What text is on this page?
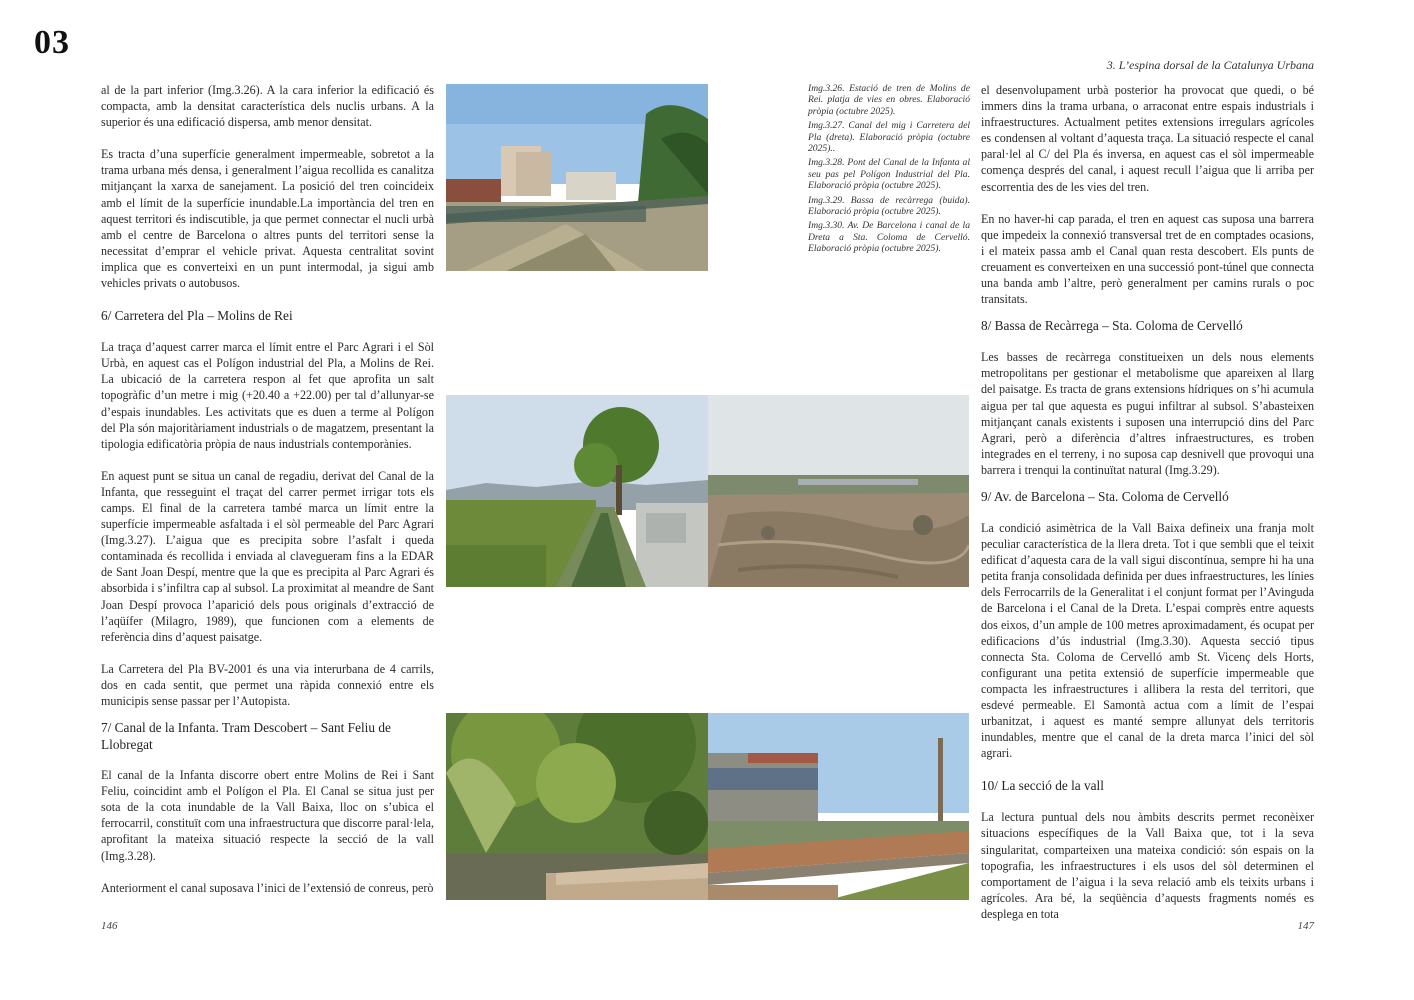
03
3. L’espina dorsal de la Catalunya Urbana

al de la part inferior (Img.3.26). A la cara inferior la edificació és compacta, amb la densitat característica dels nuclis urbans. A la superior és una edificació dispersa, amb menor densitat.

Es tracta d’una superfície generalment impermeable, sobretot a la trama urbana més densa, i generalment l’aigua recollida es canalitza mitjançant la xarxa de sanejament. La posició del tren coincideix amb el límit de la superfície inundable.La importància del tren en aquest territori és indiscutible, ja que permet connectar el nucli urbà amb el centre de Barcelona o altres punts del territori sense la necessitat d’emprar el vehicle privat. Aquesta centralitat sovint implica que es converteixi en un punt intermodal, ja sigui amb vehicles privats o autobusos.

6/ Carretera del Pla – Molins de Rei

La traça d’aquest carrer marca el límit entre el Parc Agrari i el Sòl Urbà, en aquest cas el Polígon industrial del Pla, a Molins de Rei. La ubicació de la carretera respon al fet que aprofita un salt topogràfic d’un metre i mig (+20.40 a +22.00) per tal d’allunyar-se d’espais inundables. Les activitats que es duen a terme al Polígon del Pla són majoritàriament industrials o de magatzem, presentant la tipologia edificatòria pròpia de naus industrials contemporànies.

En aquest punt se situa un canal de regadiu, derivat del Canal de la Infanta, que resseguint el traçat del carrer permet irrigar tots els camps. El final de la carretera també marca un límit entre la superfície impermeable asfaltada i el sòl permeable del Parc Agrari (Img.3.27). L’aigua que es precipita sobre l’asfalt i queda contaminada és recollida i enviada al clavegueram fins a la EDAR de Sant Joan Despí, mentre que la que es precipita al Parc Agrari és absorbida i s’infiltra cap al subsol. La proximitat al meandre de Sant Joan Despí provoca l’aparició dels pous originals d’extracció de l’aqüífer (Milagro, 1989), que funcionen com a elements de referència dins d’aquest paisatge.

La Carretera del Pla BV-2001 és una via interurbana de 4 carrils, dos en cada sentit, que permet una ràpida connexió entre els municipis sense passar per l’Autopista.

7/ Canal de la Infanta. Tram Descobert – Sant Feliu de Llobregat

El canal de la Infanta discorre obert entre Molins de Rei i Sant Feliu, coincidint amb el Polígon el Pla. El Canal se situa just per sota de la cota inundable de la Vall Baixa, lloc on s’ubica el ferrocarril, constituït com una infraestructura que discorre paral·lela, aprofitant la mateixa situació respecte la secció de la vall (Img.3.28).

Anteriorment el canal suposava l’inici de l’extensió de conreus, però

Img.3.26. Estació de tren de Molins de Rei. platja de vies en obres. Elaboració pròpia (octubre 2025).

Img.3.27. Canal del mig i Carretera del Pla (dreta). Elaboració pròpia (octubre 2025)..

Img.3.28. Pont del Canal de la Infanta al seu pas pel Polígon Industrial del Pla. Elaboració pròpia (octubre 2025).

Img.3.29. Bassa de recàrrega (buida). Elaboració pròpia (octubre 2025).

Img.3.30. Av. De Barcelona i canal de la Dreta a Sta. Coloma de Cervelló. Elaboració pròpia (octubre 2025).

el desenvolupament urbà posterior ha provocat que quedi, o bé immers dins la trama urbana, o arraconat entre espais industrials i infraestructures. Actualment petites extensions irregulars agrícoles es condensen al voltant d’aquesta traça. La situació respecte el canal paral·lel al C/ del Pla és inversa, en aquest cas el sòl impermeable comença després del canal, i aquest recull l’aigua que li arriba per escorrentia des de les vies del tren.

En no haver-hi cap parada, el tren en aquest cas suposa una barrera que impedeix la connexió transversal tret de en comptades ocasions, i el mateix passa amb el Canal quan resta descobert. Els punts de creuament es converteixen en una successió pont-túnel que connecta una banda amb l’altre, però generalment per camins rurals o poc transitats.

8/ Bassa de Recàrrega – Sta. Coloma de Cervelló

Les basses de recàrrega constitueixen un dels nous elements metropolitans per gestionar el metabolisme que apareixen al llarg del paisatge. Es tracta de grans extensions hídriques on s’hi acumula aigua per tal que aquesta es pugui infiltrar al subsol. S’abasteixen mitjançant canals existents i suposen una interrupció dins del Parc Agrari, però a diferència d’altres infraestructures, es troben integrades en el terreny, i no suposa cap desnivell que provoqui una barrera i trenqui la continuïtat natural (Img.3.29).

9/ Av. de Barcelona – Sta. Coloma de Cervelló

La condició asimètrica de la Vall Baixa defineix una franja molt peculiar característica de la llera dreta. Tot i que sembli que el teixit edificat d’aquesta cara de la vall sigui discontínua, sempre hi ha una petita franja consolidada definida per dues infraestructures, les línies dels Ferrocarrils de la Generalitat i el conjunt format per l’Avinguda de Barcelona i el Canal de la Dreta. L’espai comprès entre aquests dos eixos, d’un ample de 100 metres aproximadament, és ocupat per edificacions d’ús industrial (Img.3.30). Aquesta secció tipus connecta Sta. Coloma de Cervelló amb St. Vicenç dels Horts, configurant una petita extensió de superfície impermeable que compacta les infraestructures i allibera la resta del territori, que esdevé permeable. El Samontà actua com a límit de l’espai urbanitzat, i aquest es manté sempre allunyat dels territoris inundables, mentre que el canal de la dreta marca l’inici del sòl agrari.

10/ La secció de la vall

La lectura puntual dels nou àmbits descrits permet reconèixer situacions específiques de la Vall Baixa que, tot i la seva singularitat, comparteixen una mateixa condició: són espais on la topografia, les infraestructures i els usos del sòl determinen el comportament de l’aigua i la seva relació amb els teixits urbans i agrícoles. Ara bé, la seqüència d’aquests fragments només es desplega en tota

146	147
